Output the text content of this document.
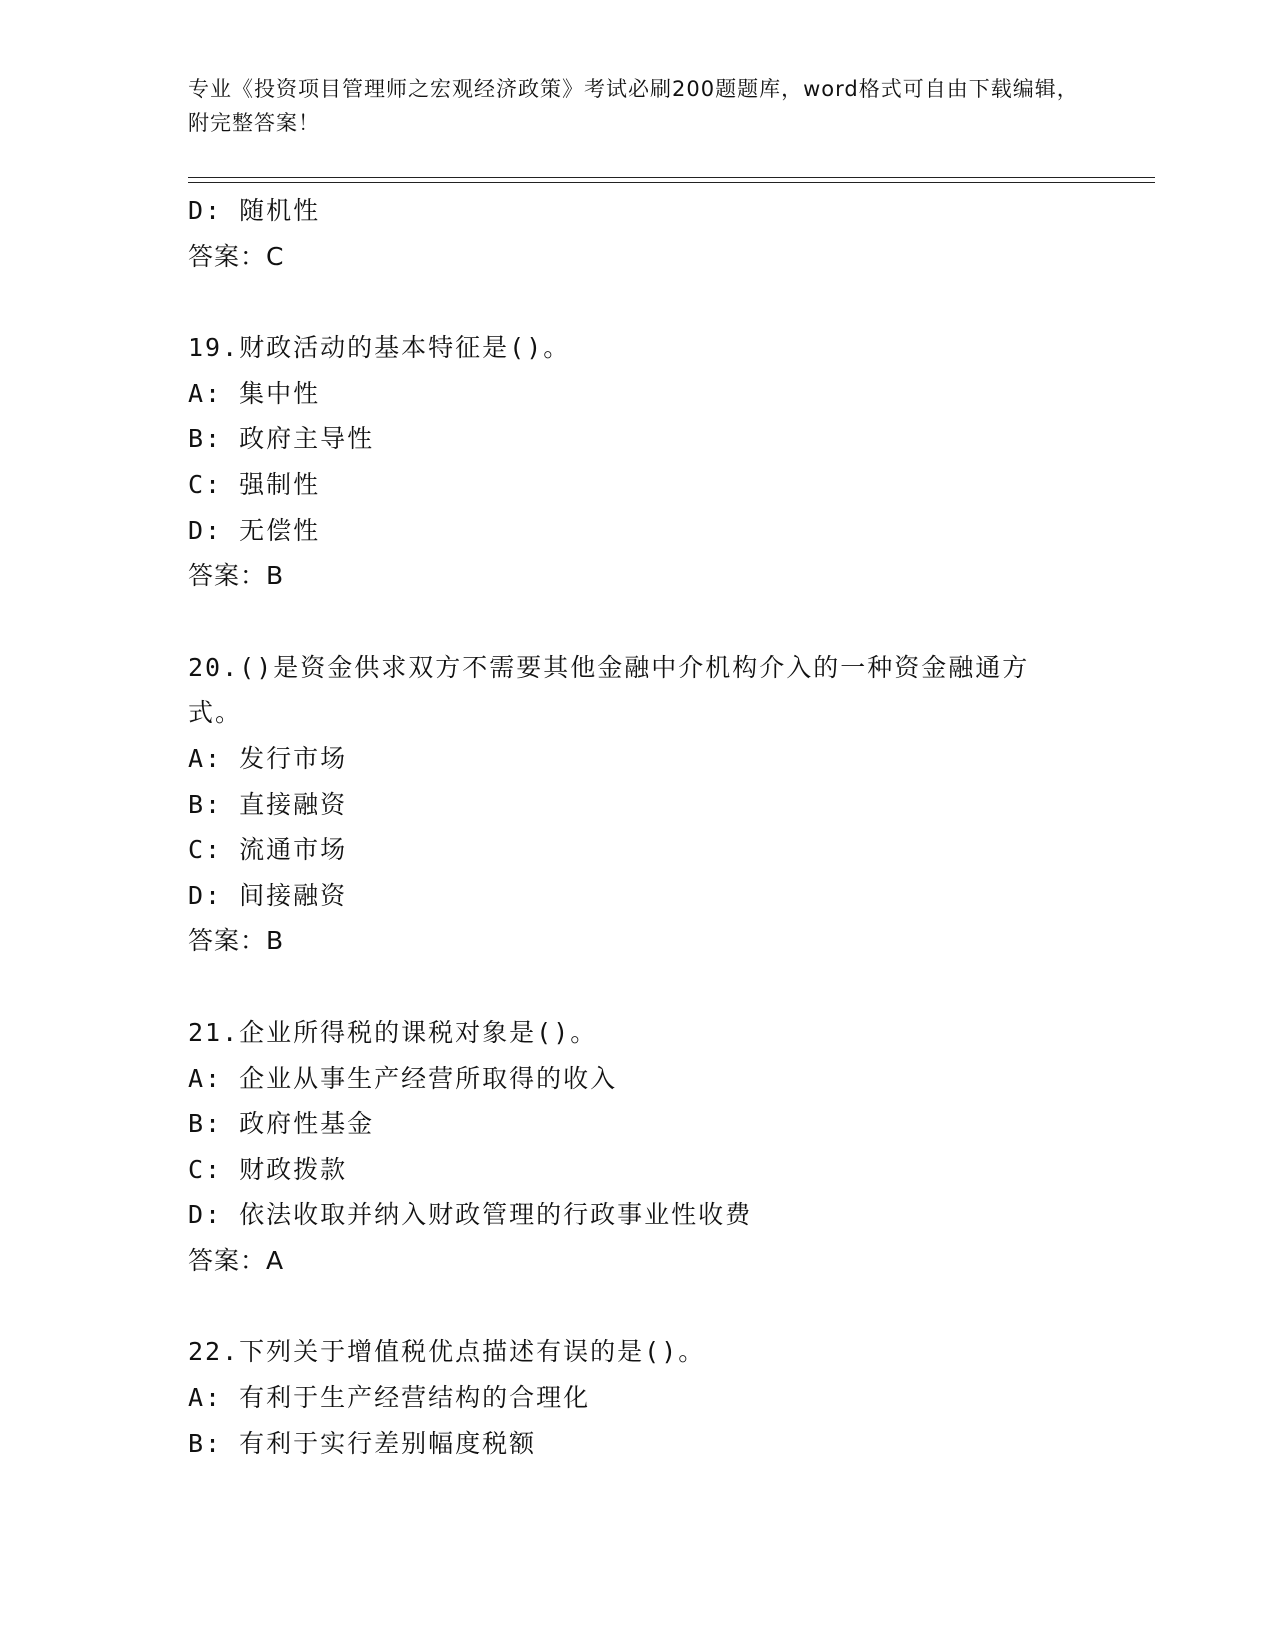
专业《投资项目管理师之宏观经济政策》考试必刷200题题库，word格式可自由下载编辑，附完整答案！
D: 随机性
答案：C
19.财政活动的基本特征是()。
A: 集中性
B: 政府主导性
C: 强制性
D: 无偿性
答案：B
20.()是资金供求双方不需要其他金融中介机构介入的一种资金融通方式。
A: 发行市场
B: 直接融资
C: 流通市场
D: 间接融资
答案：B
21.企业所得税的课税对象是()。
A: 企业从事生产经营所取得的收入
B: 政府性基金
C: 财政拨款
D: 依法收取并纳入财政管理的行政事业性收费
答案：A
22.下列关于增值税优点描述有误的是()。
A: 有利于生产经营结构的合理化
B: 有利于实行差别幅度税额
